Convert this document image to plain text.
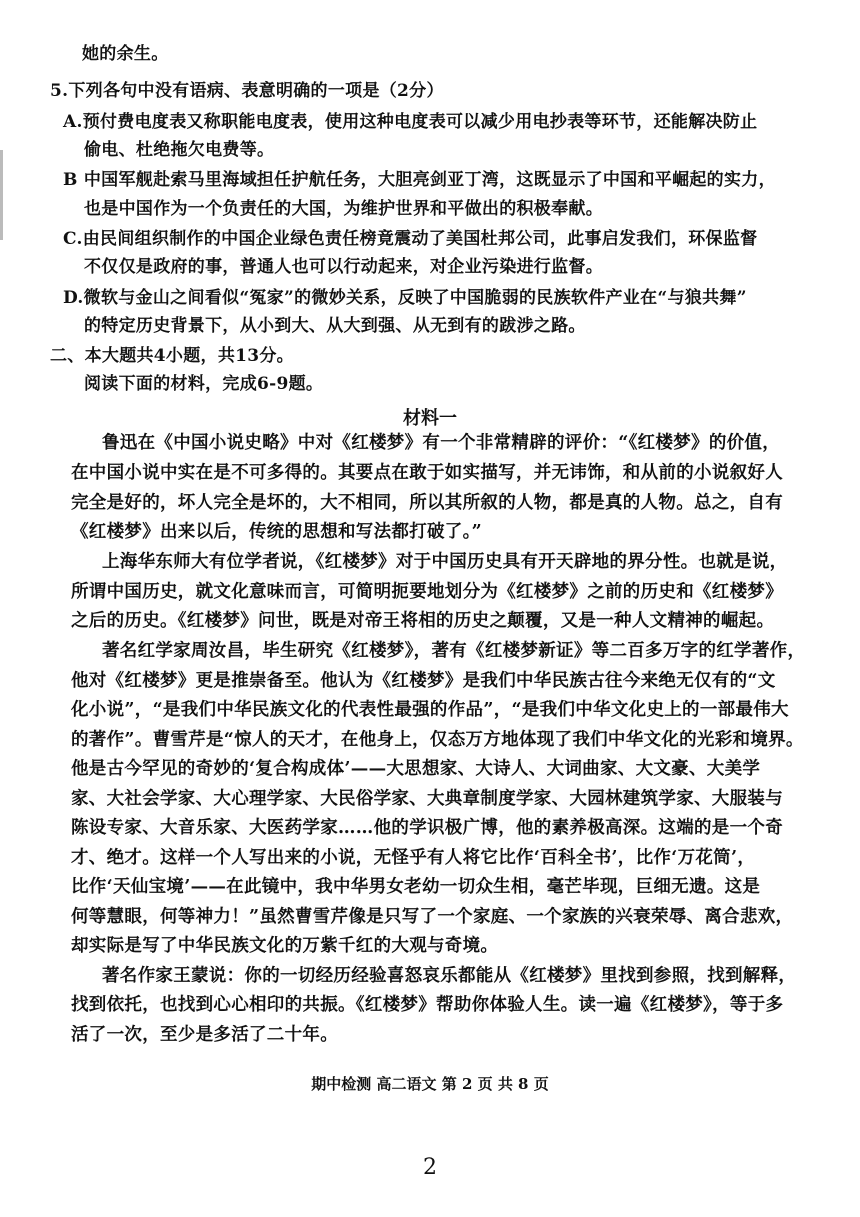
她的余生。
5.下列各句中没有语病、表意明确的一项是（2分）
A.预付费电度表又称职能电度表，使用这种电度表可以减少用电抄表等环节，还能解决防止
偷电、杜绝拖欠电费等。
B 中国军舰赴索马里海域担任护航任务，大胆亮剑亚丁湾，这既显示了中国和平崛起的实力，
也是中国作为一个负责任的大国，为维护世界和平做出的积极奉献。
C.由民间组织制作的中国企业绿色责任榜竟震动了美国杜邦公司，此事启发我们，环保监督
不仅仅是政府的事，普通人也可以行动起来，对企业污染进行监督。
D.微软与金山之间看似“冤家”的微妙关系，反映了中国脆弱的民族软件产业在“与狼共舞”
的特定历史背景下，从小到大、从大到强、从无到有的跋涉之路。
二、本大题共4小题，共13分。
阅读下面的材料，完成6-9题。
材料一
鲁迅在《中国小说史略》中对《红楼梦》有一个非常精辟的评价：“《红楼梦》的价值，
在中国小说中实在是不可多得的。其要点在敢于如实描写，并无讳饰，和从前的小说叙好人
完全是好的，坏人完全是坏的，大不相同，所以其所叙的人物，都是真的人物。总之，自有
《红楼梦》出来以后，传统的思想和写法都打破了。”
上海华东师大有位学者说，《红楼梦》对于中国历史具有开天辟地的界分性。也就是说，
所谓中国历史，就文化意味而言，可简明扼要地划分为《红楼梦》之前的历史和《红楼梦》
之后的历史。《红楼梦》问世，既是对帝王将相的历史之颠覆，又是一种人文精神的崛起。
著名红学家周汝昌，毕生研究《红楼梦》，著有《红楼梦新证》等二百多万字的红学著作，
他对《红楼梦》更是推崇备至。他认为《红楼梦》是我们中华民族古往今来绝无仅有的“文
化小说”，“是我们中华民族文化的代表性最强的作品”，“是我们中华文化史上的一部最伟大
的著作”。曹雪芹是“惊人的天才，在他身上，仅态万方地体现了我们中华文化的光彩和境界。
他是古今罕见的奇妙的‘复合构成体’——大思想家、大诗人、大词曲家、大文豪、大美学
家、大社会学家、大心理学家、大民俗学家、大典章制度学家、大园林建筑学家、大服装与
陈设专家、大音乐家、大医药学家……他的学识极广博，他的素养极高深。这端的是一个奇
才、绝才。这样一个人写出来的小说，无怪乎有人将它比作‘百科全书’，比作‘万花筒’，
比作‘天仙宝境’——在此镜中，我中华男女老幼一切众生相，毫芒毕现，巨细无遗。这是
何等慧眼，何等神力！”虽然曹雪芹像是只写了一个家庭、一个家族的兴衰荣辱、离合悲欢，
却实际是写了中华民族文化的万紫千红的大观与奇境。
著名作家王蒙说：你的一切经历经验喜怒哀乐都能从《红楼梦》里找到参照，找到解释，
找到依托，也找到心心相印的共振。《红楼梦》帮助你体验人生。读一遍《红楼梦》，等于多
活了一次，至少是多活了二十年。
期中检测 高二语文 第 2 页 共 8 页
2
